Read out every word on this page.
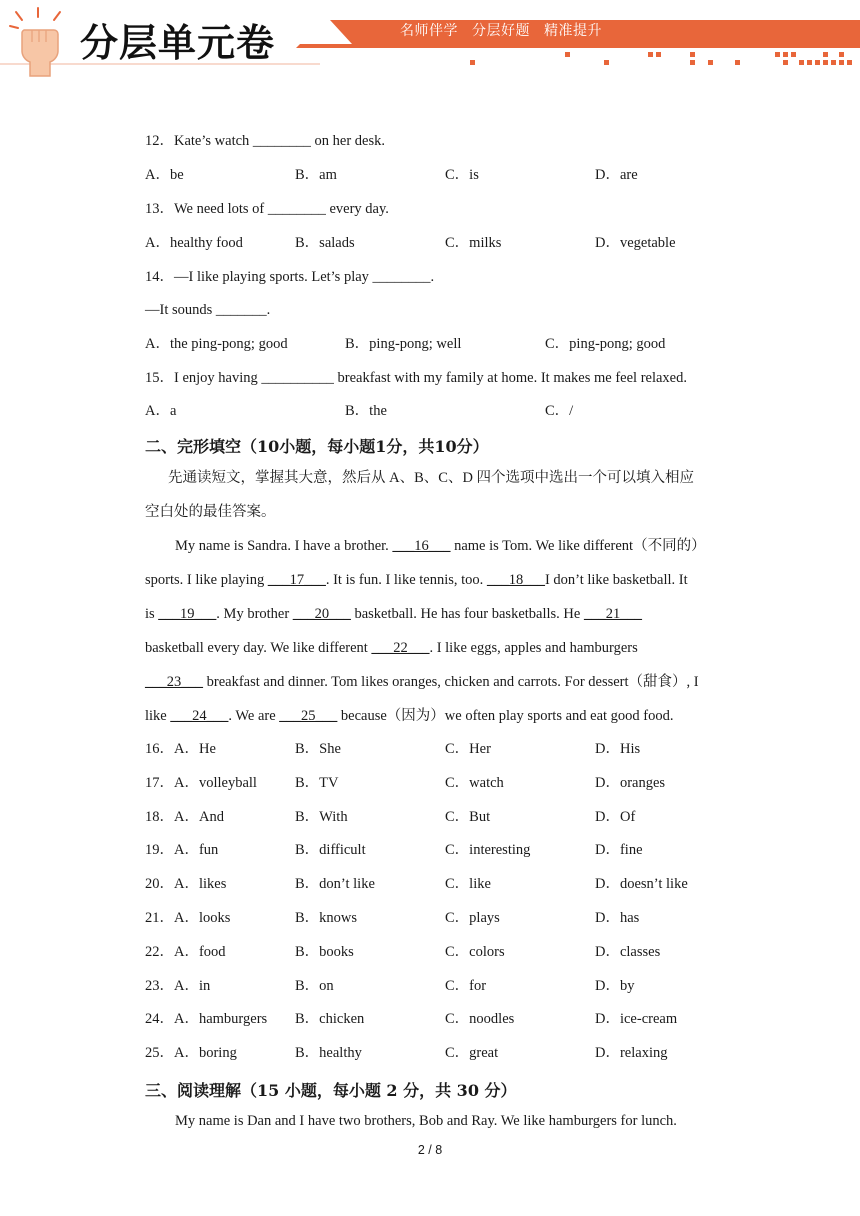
分层单元卷	名师伴学 分层好题 精准提升
12．Kate’s watch ________ on her desk.
A．be	B．am	C．is	D．are
13．We need lots of ________ every day.
A．healthy food	B．salads	C．milks	D．vegetable
14．—I like playing sports. Let’s play ________.
—It sounds _______.
A．the ping-pong; good	B．ping-pong; well	C．ping-pong; good
15．I enjoy having __________ breakfast with my family at home. It makes me feel relaxed.
A．a	B．the	C．/
二、完形填空（10小题，每小题1分，共10分）
先通读短文，掌握其大意，然后从 A、B、C、D 四个选项中选出一个可以填入相应
空白处的最佳答案。
My name is Sandra. I have a brother. ___16___ name is Tom. We like different（不同的）
sports. I like playing ___17___. It is fun. I like tennis, too. ___18___I don’t like basketball. It
is ___19___. My brother ___20___ basketball. He has four basketballs. He ___21___
basketball every day. We like different ___22___. I like eggs, apples and hamburgers
___23___ breakfast and dinner. Tom likes oranges, chicken and carrots. For dessert（甜食）, I
like ___24___. We are ___25___ because（因为）we often play sports and eat good food.
16．A．He	B．She	C．Her	D．His
17．A．volleyball	B．TV	C．watch	D．oranges
18．A．And	B．With	C．But	D．Of
19．A．fun	B．difficult	C．interesting	D．fine
20．A．likes	B．don’t like	C．like	D．doesn’t like
21．A．looks	B．knows	C．plays	D．has
22．A．food	B．books	C．colors	D．classes
23．A．in	B．on	C．for	D．by
24．A．hamburgers B．chicken	C．noodles	D．ice-cream
25．A．boring	B．healthy	C．great	D．relaxing
三、阅读理解（15 小题，每小题 2 分，共 30 分）
My name is Dan and I have two brothers, Bob and Ray. We like hamburgers for lunch.
2 / 8
